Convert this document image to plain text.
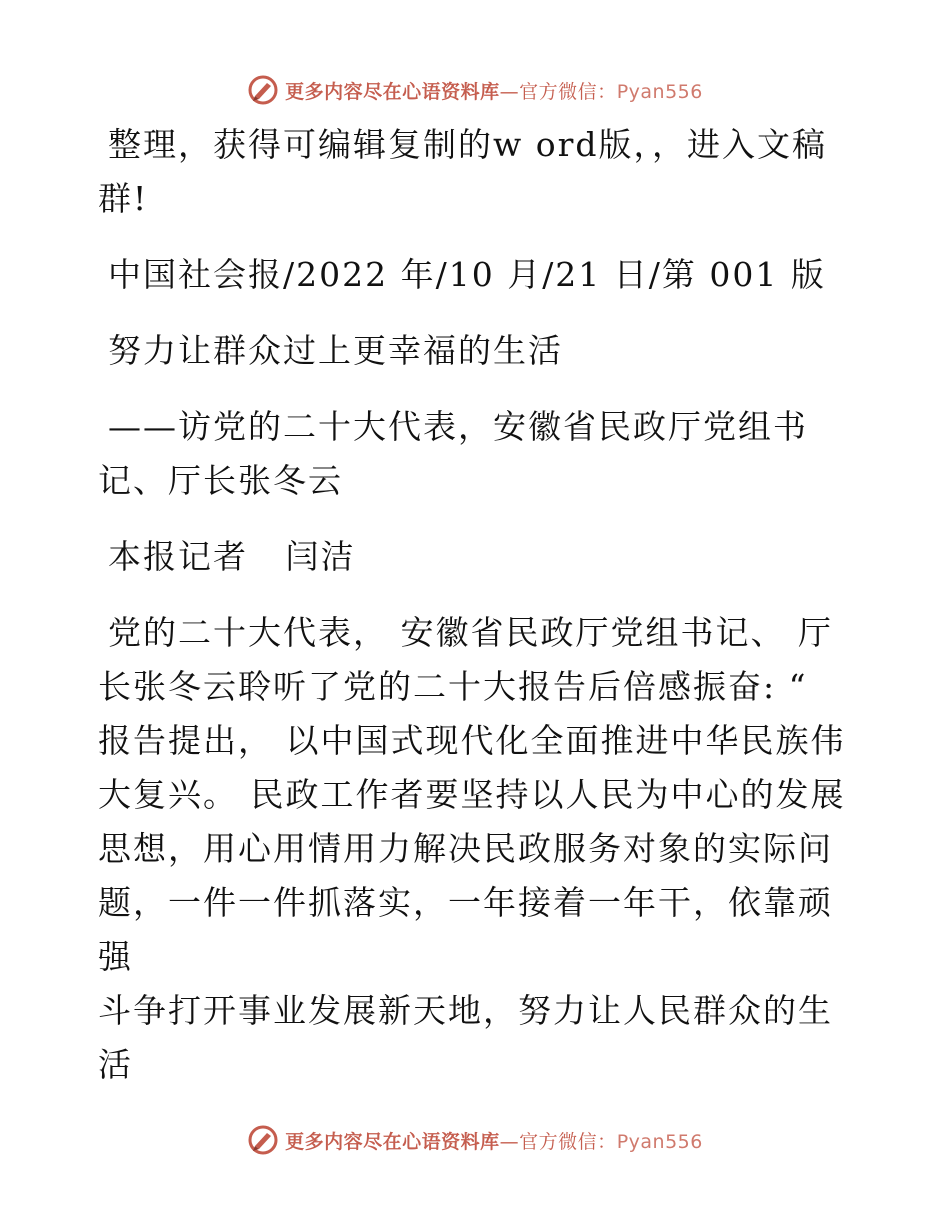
更多内容尽在心语资料库—官方微信：Pyan556

整理，获得可编辑复制的w ord版，，进入文稿

群!

中国社会报/2022 年/10 月/21 日/第 001 版

努力让群众过上更幸福的生活

——访党的二十大代表，安徽省民政厅党组书

记、厅长张冬云

本报记者   闫洁

党的二十大代表， 安徽省民政厅党组书记、 厅

长张冬云聆听了党的二十大报告后倍感振奋: “

报告提出， 以中国式现代化全面推进中华民族伟

大复兴。 民政工作者要坚持以人民为中心的发展

思想，用心用情用力解决民政服务对象的实际问

题，一件一件抓落实，一年接着一年干，依靠顽强

斗争打开事业发展新天地，努力让人民群众的生活

更多内容尽在心语资料库—官方微信：Pyan556
